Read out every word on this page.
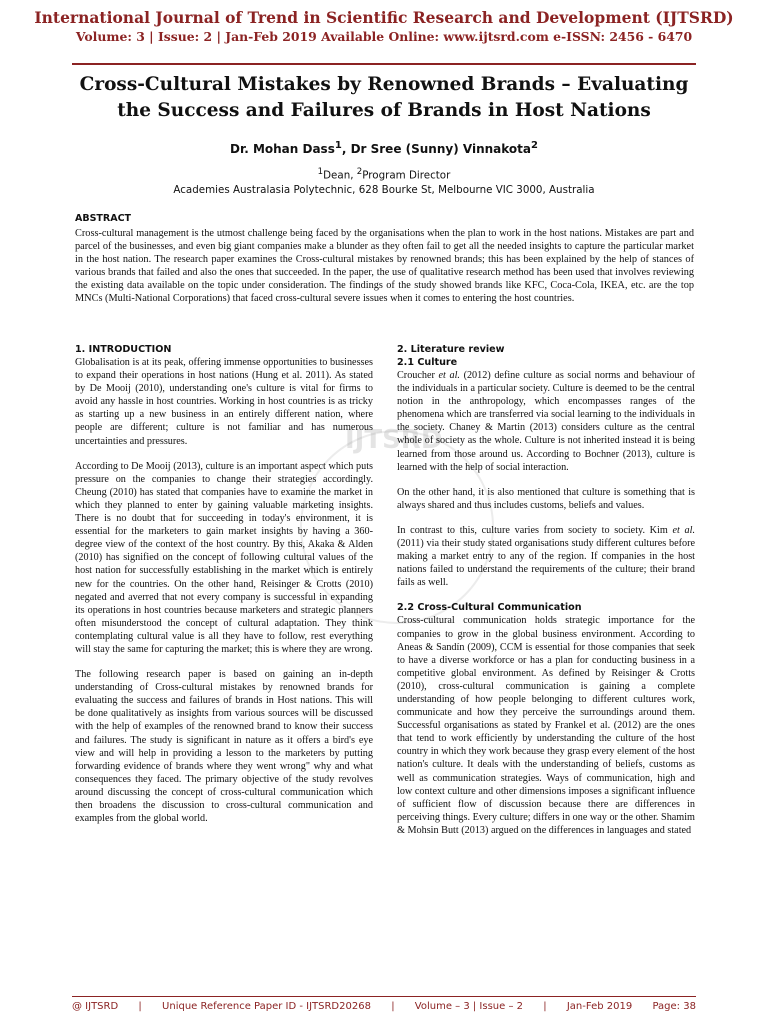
International Journal of Trend in Scientific Research and Development (IJTSRD)
Volume: 3 | Issue: 2 | Jan-Feb 2019 Available Online: www.ijtsrd.com e-ISSN: 2456 - 6470
Cross-Cultural Mistakes by Renowned Brands – Evaluating
the Success and Failures of Brands in Host Nations
Dr. Mohan Dass$^1$, Dr Sree (Sunny) Vinnakota$^2$
$^1$Dean, $^2$Program Director
Academies Australasia Polytechnic, 628 Bourke St, Melbourne VIC 3000, Australia
ABSTRACT
Cross-cultural management is the utmost challenge being faced by the organisations when the plan to work in the host nations. Mistakes are part and parcel of the businesses, and even big giant companies make a blunder as they often fail to get all the needed insights to capture the particular market in the host nation. The research paper examines the Cross-cultural mistakes by renowned brands; this has been explained by the help of stances of various brands that failed and also the ones that succeeded. In the paper, the use of qualitative research method has been used that involves reviewing the existing data available on the topic under consideration. The findings of the study showed brands like KFC, Coca-Cola, IKEA, etc. are the top MNCs (Multi-National Corporations) that faced cross-cultural severe issues when it comes to entering the host countries.
IJTSRD
1. INTRODUCTION

Globalisation is at its peak, offering immense opportunities to businesses to expand their operations in host nations (Hung et al. 2011). As stated by De Mooij (2010), understanding one's culture is vital for firms to avoid any hassle in host countries. Working in host countries is as tricky as starting up a new business in an entirely different nation, where people are different; culture is not familiar and has numerous uncertainties and pressures.

According to De Mooij (2013), culture is an important aspect which puts pressure on the companies to change their strategies accordingly. Cheung (2010) has stated that companies have to examine the market in which they planned to enter by gaining valuable marketing insights. There is no doubt that for succeeding in today's environment, it is essential for the marketers to gain market insights by having a 360-degree view of the context of the host country. By this, Akaka & Alden (2010) has signified on the concept of following cultural values of the host nation for successfully establishing in the market which is entirely new for the countries. On the other hand, Reisinger & Crotts (2010) negated and averred that not every company is successful in expanding its operations in host countries because marketers and strategic planners often misunderstood the concept of cultural adaptation. They think contemplating cultural value is all they have to follow, rest everything will stay the same for capturing the market; this is where they are wrong.

The following research paper is based on gaining an in-depth understanding of Cross-cultural mistakes by renowned brands for evaluating the success and failures of brands in Host nations. This will be done qualitatively as insights from various sources will be discussed with the help of examples of the renowned brand to know their success and failures. The study is significant in nature as it offers a bird's eye view and will help in providing a lesson to the marketers by putting forwarding evidence of brands where they went wrong" why and what consequences they faced. The primary objective of the study revolves around discussing the concept of cross-cultural communication which then broadens the discussion to cross-cultural communication and examples from the global world.

2. Literature review
2.1 Culture

Croucher et al. (2012) define culture as social norms and behaviour of the individuals in a particular society. Culture is deemed to be the central notion in the anthropology, which encompasses ranges of the phenomena which are transferred via social learning to the individuals in the society. Chaney & Martin (2013) considers culture as the central whole of society as the whole. Culture is not inherited instead it is being learned from those around us. According to Bochner (2013), culture is learned with the help of social interaction.

On the other hand, it is also mentioned that culture is something that is always shared and thus includes customs, beliefs and values.

In contrast to this, culture varies from society to society. Kim et al. (2011) via their study stated organisations study different cultures before making a market entry to any of the region. If companies in the host nations failed to understand the requirements of the culture; their brand fails as well.

2.2 Cross-Cultural Communication

Cross-cultural communication holds strategic importance for the companies to grow in the global business environment. According to Aneas & Sandín (2009), CCM is essential for those companies that seek to have a diverse workforce or has a plan for conducting business in a competitive global environment. As defined by Reisinger & Crotts (2010), cross-cultural communication is gaining a complete understanding of how people belonging to different cultures work, communicate and how they perceive the surroundings around them. Successful organisations as stated by Frankel et al. (2012) are the ones that tend to work efficiently by understanding the culture of the host country in which they work because they grasp every element of the host nation's culture. It deals with the understanding of beliefs, customs as well as communication strategies. Ways of communication, high and low context culture and other dimensions imposes a significant influence of sufficient flow of discussion because there are differences in perceiving things. Every culture; differs in one way or the other. Shamim & Mohsin Butt (2013) argued on the differences in languages and stated

@ IJTSRD | Unique Reference Paper ID - IJTSRD20268 | Volume – 3 | Issue – 2 | Jan-Feb 2019 Page: 38
